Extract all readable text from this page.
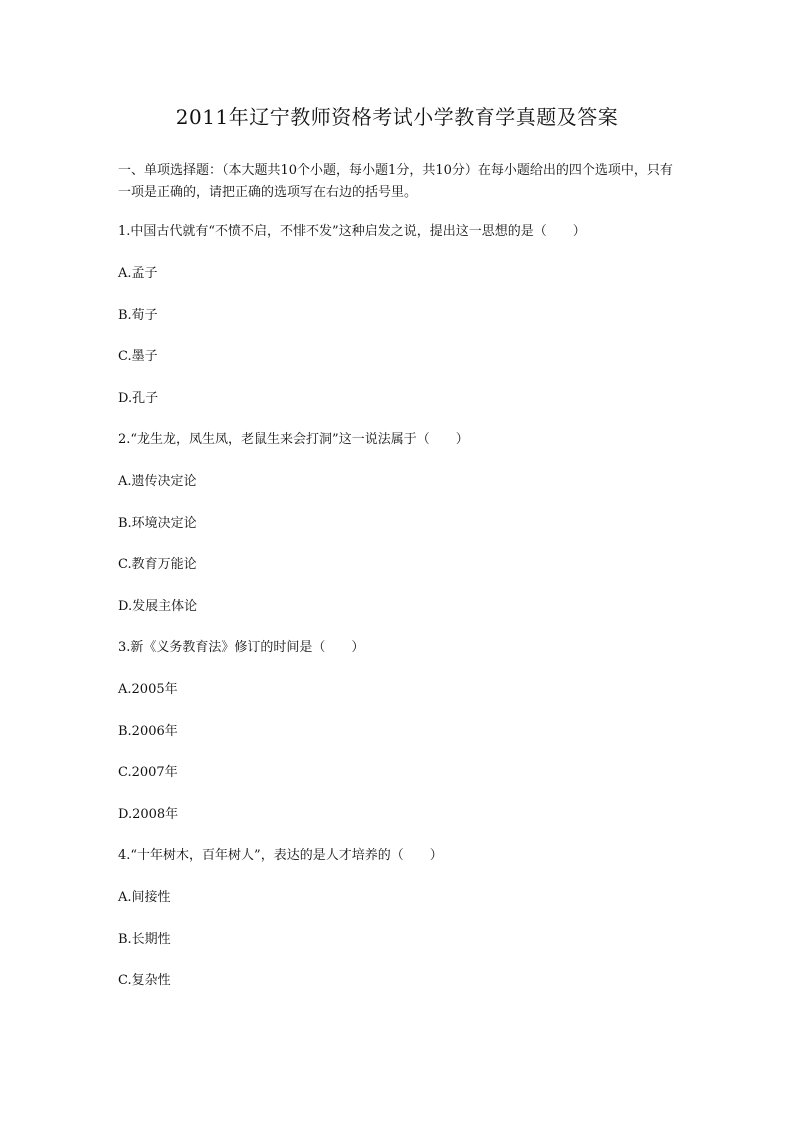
2011年辽宁教师资格考试小学教育学真题及答案
一、单项选择题：（本大题共10个小题，每小题1分，共10分）在每小题给出的四个选项中，只有一项是正确的，请把正确的选项写在右边的括号里。
1.中国古代就有“不愤不启，不悱不发”这种启发之说，提出这一思想的是（　　）
A.孟子
B.荀子
C.墨子
D.孔子
2.“龙生龙，凤生凤，老鼠生来会打洞”这一说法属于（　　）
A.遗传决定论
B.环境决定论
C.教育万能论
D.发展主体论
3.新《义务教育法》修订的时间是（　　）
A.2005年
B.2006年
C.2007年
D.2008年
4.“十年树木，百年树人”，表达的是人才培养的（　　）
A.间接性
B.长期性
C.复杂性
